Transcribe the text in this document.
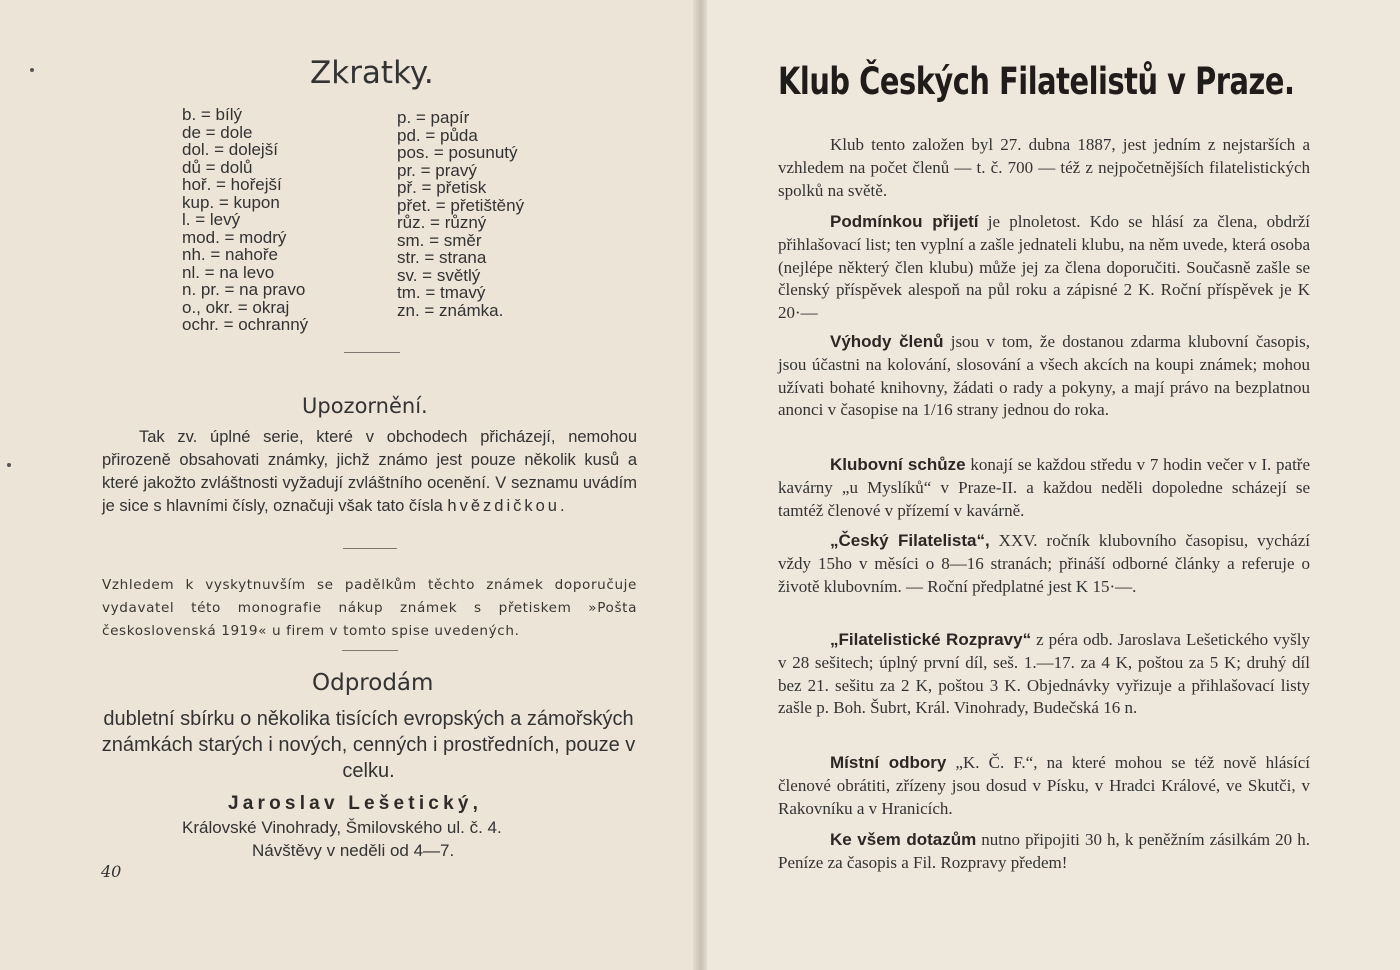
Zkratky.
b. = bílý
de = dole
dol. = dolejší
dů = dolů
hoř. = hořejší
kup. = kupon
l. = levý
mod. = modrý
nh. = nahoře
nl. = na levo
n. pr. = na pravo
o., okr. = okraj
ochr. = ochranný
p. = papír
pd. = půda
pos. = posunutý
pr. = pravý
př. = přetisk
přet. = přetištěný
růz. = různý
sm. = směr
str. = strana
sv. = světlý
tm. = tmavý
zn. = známka.
Upozornění.
Tak zv. úplné serie, které v obchodech přicházejí, nemohou přirozeně obsahovati známky, jichž známo jest pouze několik kusů a které jakožto zvláštnosti vyžadují zvláštního ocenění. V seznamu uvádím je sice s hlavními čísly, označuji však tato čísla hvězdičkou.
Vzhledem k vyskytnuvším se padělkům těchto známek doporučuje vydavatel této monografie nákup známek s přetiskem »Pošta československá 1919« u firem v tomto spise uvedených.
Odprodám
dubletní sbírku o několika tisících evropských a zámořských známkách starých i nových, cenných i prostředních, pouze v celku.
Jaroslav Lešetický,
Královské Vinohrady, Šmilovského ul. č. 4.
Návštěvy v neděli od 4—7.
40
Klub Českých Filatelistů v Praze.
Klub tento založen byl 27. dubna 1887, jest jedním z nejstarších a vzhledem na počet členů — t. č. 700 — též z nejpočetnějších filatelistických spolků na světě.
Podmínkou přijetí je plnoletost. Kdo se hlásí za člena, obdrží přihlašovací list; ten vyplní a zašle jednateli klubu, na něm uvede, která osoba (nejlépe některý člen klubu) může jej za člena doporučiti. Současně zašle se členský příspěvek alespoň na půl roku a zápisné 2 K. Roční příspěvek je K 20·—
Výhody členů jsou v tom, že dostanou zdarma klubovní časopis, jsou účastni na kolování, slosování a všech akcích na koupi známek; mohou užívati bohaté knihovny, žádati o rady a pokyny, a mají právo na bezplatnou anonci v časopise na 1/16 strany jednou do roka.
Klubovní schůze konají se každou středu v 7 hodin večer v I. patře kavárny „u Myslíků“ v Praze-II. a každou neděli dopoledne scházejí se tamtéž členové v přízemí v kavárně.
„Český Filatelista“, XXV. ročník klubovního časopisu, vychází vždy 15ho v měsíci o 8—16 stranách; přináší odborné články a referuje o životě klubovním. — Roční předplatné jest K 15·—.
„Filatelistické Rozpravy“ z péra odb. Jaroslava Lešetického vyšly v 28 sešitech; úplný první díl, seš. 1.—17. za 4 K, poštou za 5 K; druhý díl bez 21. sešitu za 2 K, poštou 3 K. Objednávky vyřizuje a přihlašovací listy zašle p. Boh. Šubrt, Král. Vinohrady, Budečská 16 n.
Místní odbory „K. Č. F.“, na které mohou se též nově hlásící členové obrátiti, zřízeny jsou dosud v Písku, v Hradci Králové, ve Skutči, v Rakovníku a v Hranicích.
Ke všem dotazům nutno připojiti 30 h, k peněžním zásilkám 20 h. Peníze za časopis a Fil. Rozpravy předem!
